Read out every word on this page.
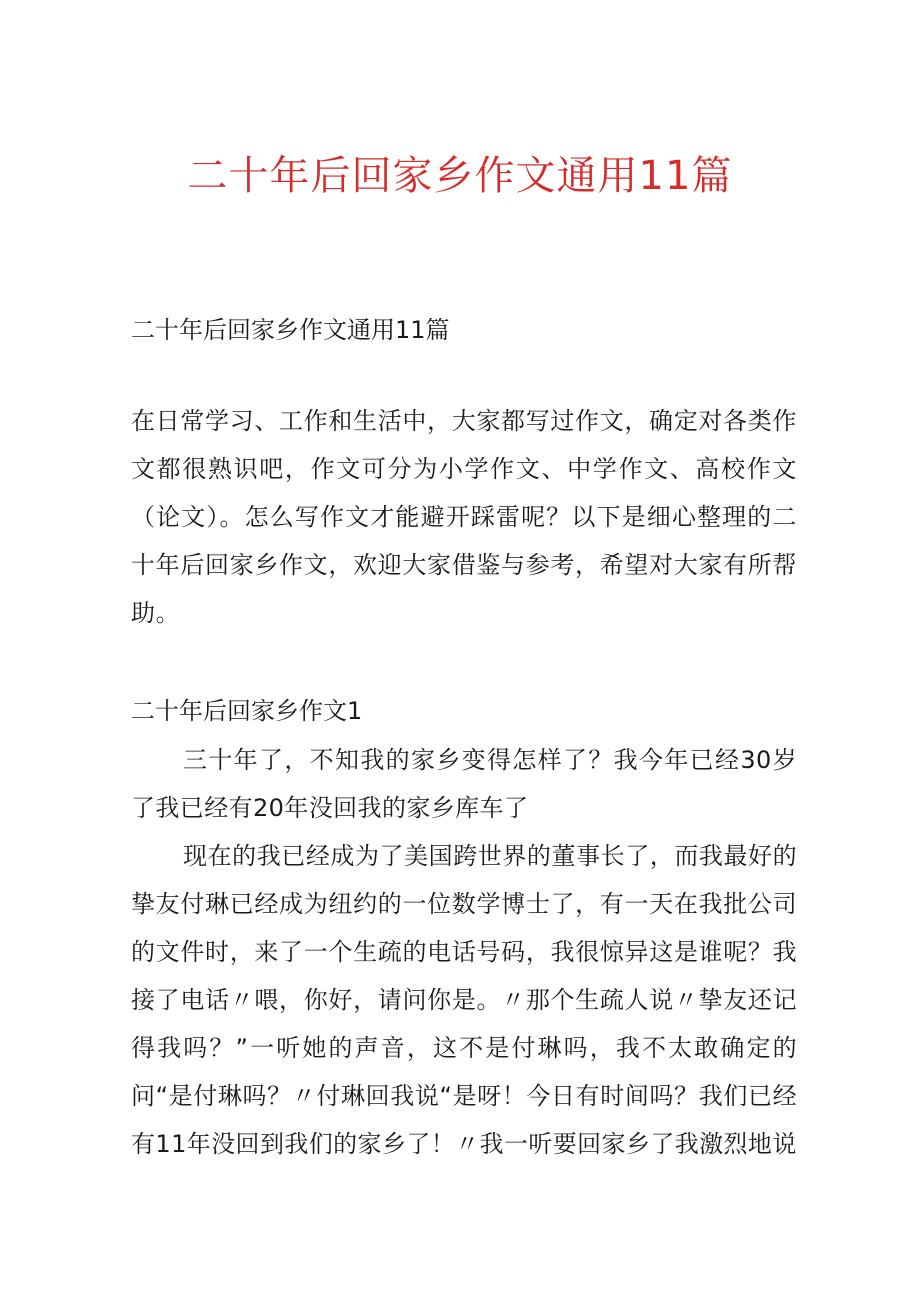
二十年后回家乡作文通用11篇

二十年后回家乡作文通用11篇

在日常学习、工作和生活中，大家都写过作文，确定对各类作文都很熟识吧，作文可分为小学作文、中学作文、高校作文（论文）。怎么写作文才能避开踩雷呢？以下是细心整理的二十年后回家乡作文，欢迎大家借鉴与参考，希望对大家有所帮助。

二十年后回家乡作文1

三十年了，不知我的家乡变得怎样了？我今年已经30岁了我已经有20年没回我的家乡库车了

现在的我已经成为了美国跨世界的董事长了，而我最好的挚友付琳已经成为纽约的一位数学博士了，有一天在我批公司的文件时，来了一个生疏的电话号码，我很惊异这是谁呢？我接了电话〃喂，你好，请问你是。〃那个生疏人说〃挚友还记得我吗？”一听她的声音，这不是付琳吗，我不太敢确定的问“是付琳吗？〃付琳回我说“是呀！今日有时间吗？我们已经有11年没回到我们的家乡了！〃我一听要回家乡了我激烈地说
